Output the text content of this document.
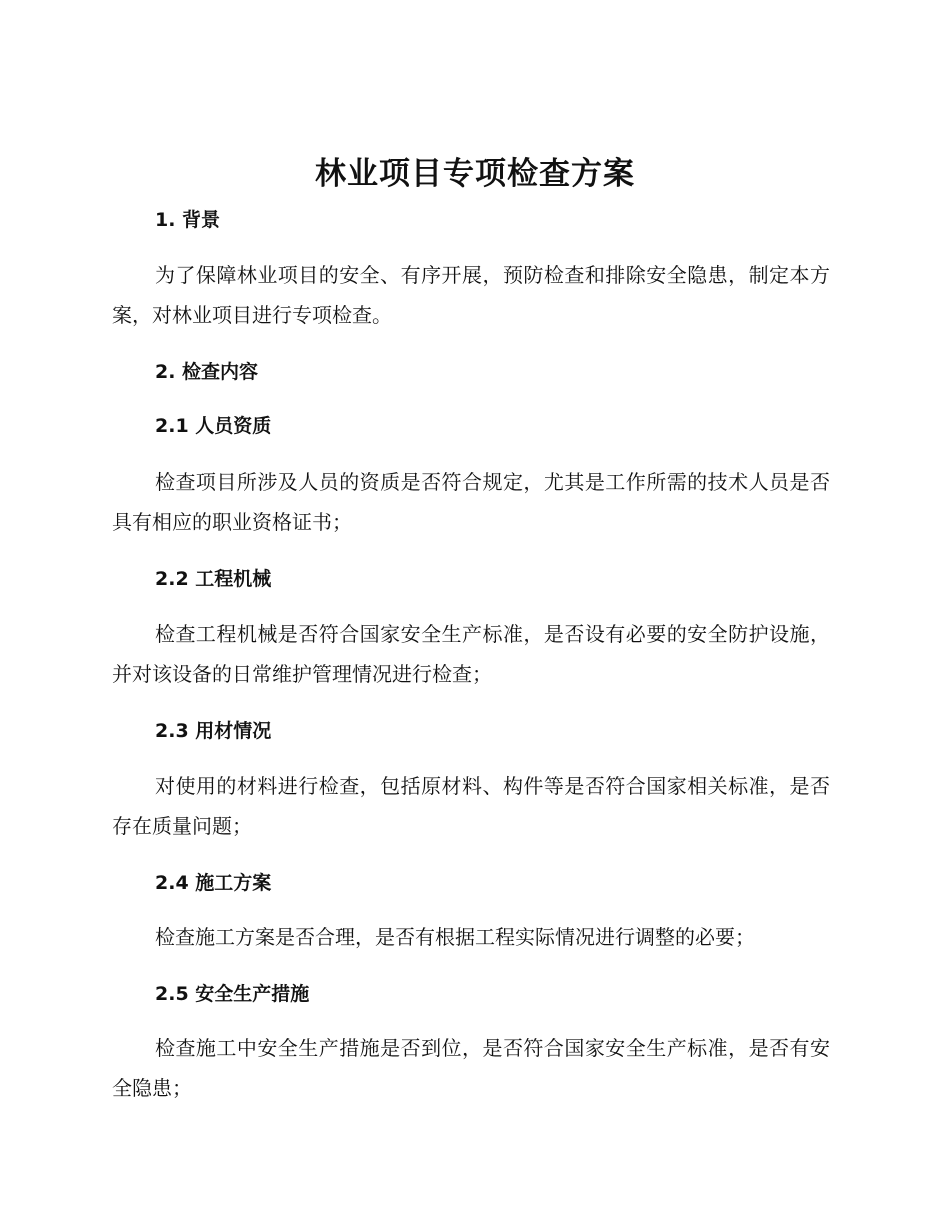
林业项目专项检查方案
1. 背景

为了保障林业项目的安全、有序开展，预防检查和排除安全隐患，制定本方案，对林业项目进行专项检查。

2. 检查内容
2.1 人员资质

检查项目所涉及人员的资质是否符合规定，尤其是工作所需的技术人员是否具有相应的职业资格证书；

2.2 工程机械

检查工程机械是否符合国家安全生产标准，是否设有必要的安全防护设施，并对该设备的日常维护管理情况进行检查；

2.3 用材情况

对使用的材料进行检查，包括原材料、构件等是否符合国家相关标准，是否存在质量问题；

2.4 施工方案

检查施工方案是否合理，是否有根据工程实际情况进行调整的必要；

2.5 安全生产措施

检查施工中安全生产措施是否到位，是否符合国家安全生产标准，是否有安全隐患；
